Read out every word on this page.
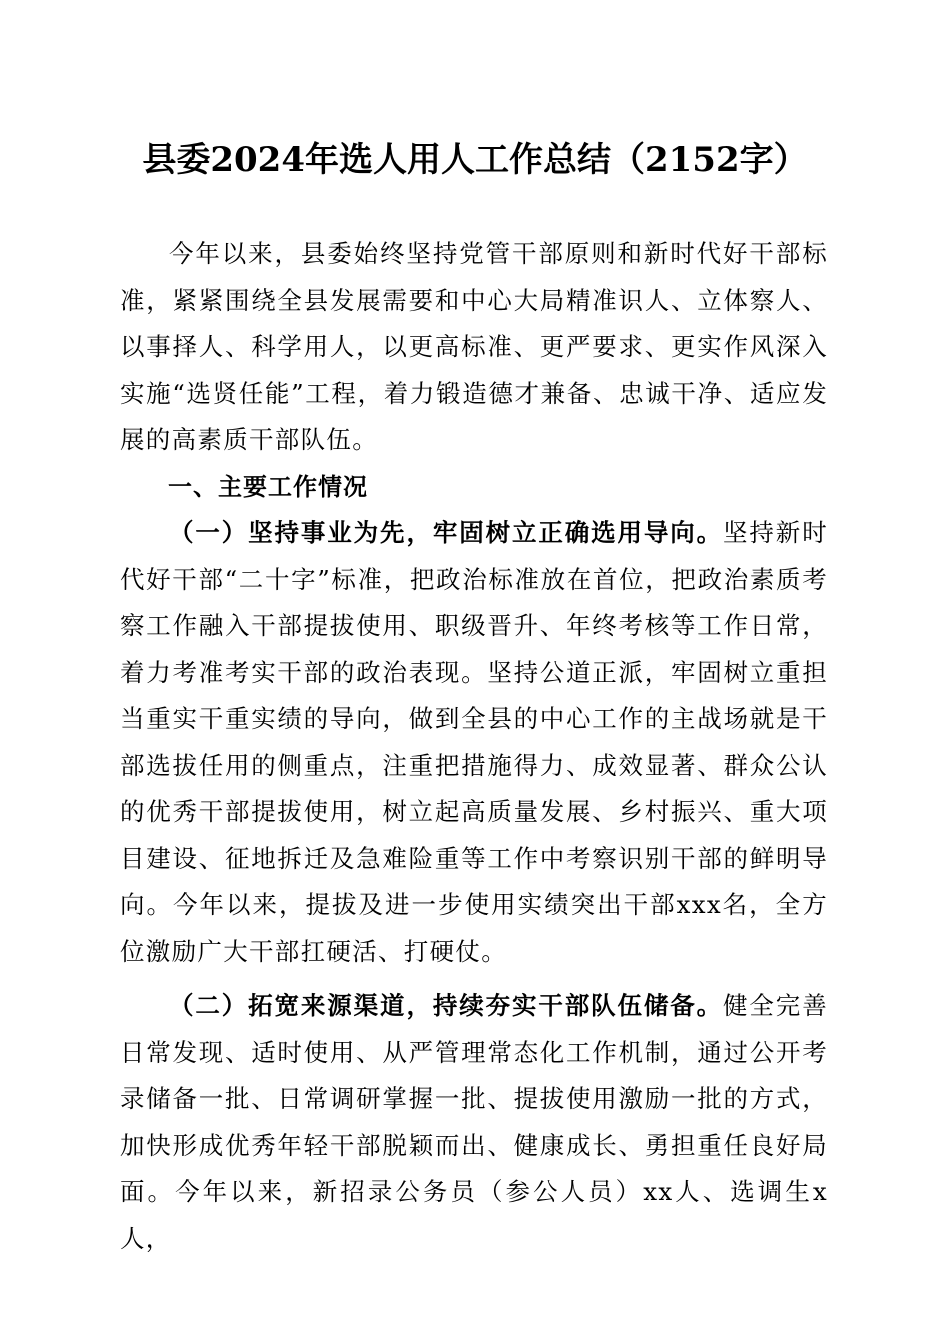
县委2024年选人用人工作总结（2152字）

今年以来，县委始终坚持党管干部原则和新时代好干部标准，紧紧围绕全县发展需要和中心大局精准识人、立体察人、以事择人、科学用人，以更高标准、更严要求、更实作风深入实施“选贤任能”工程，着力锻造德才兼备、忠诚干净、适应发展的高素质干部队伍。

一、主要工作情况

（一）坚持事业为先，牢固树立正确选用导向。坚持新时代好干部“二十字”标准，把政治标准放在首位，把政治素质考察工作融入干部提拔使用、职级晋升、年终考核等工作日常，着力考准考实干部的政治表现。坚持公道正派，牢固树立重担当重实干重实绩的导向，做到全县的中心工作的主战场就是干部选拔任用的侧重点，注重把措施得力、成效显著、群众公认的优秀干部提拔使用，树立起高质量发展、乡村振兴、重大项目建设、征地拆迁及急难险重等工作中考察识别干部的鲜明导向。今年以来，提拔及进一步使用实绩突出干部xxx名，全方位激励广大干部扛硬活、打硬仗。

（二）拓宽来源渠道，持续夯实干部队伍储备。健全完善日常发现、适时使用、从严管理常态化工作机制，通过公开考录储备一批、日常调研掌握一批、提拔使用激励一批的方式，加快形成优秀年轻干部脱颖而出、健康成长、勇担重任良好局面。今年以来，新招录公务员（参公人员）xx人、选调生x人，
